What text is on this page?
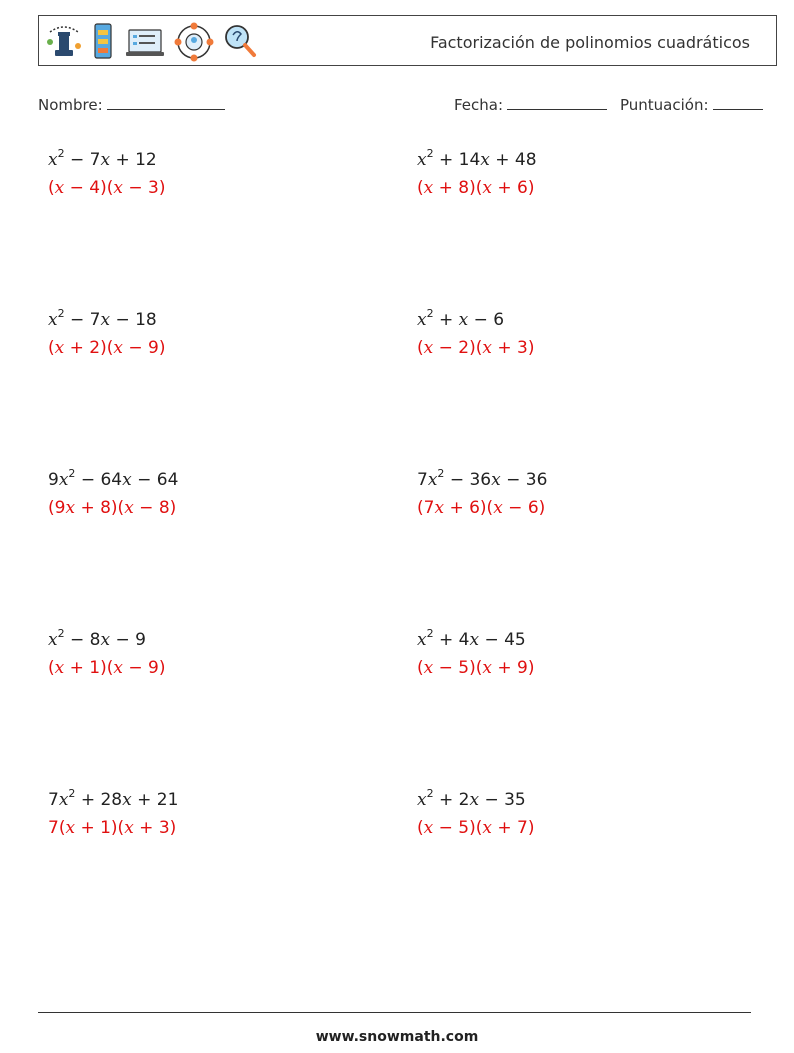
Factorización de polinomios cuadráticos
Nombre:	Fecha:	Puntuación:
$x^2 - 7x + 12$
(x − 4)(x − 3)
$x^2 + 14x + 48$
(x + 8)(x + 6)
$x^2 - 7x - 18$
(x + 2)(x − 9)
$x^2 + x - 6$
(x − 2)(x + 3)
$9x^2 - 64x - 64$
(9x + 8)(x − 8)
$7x^2 - 36x - 36$
(7x + 6)(x − 6)
$x^2 - 8x - 9$
(x + 1)(x − 9)
$x^2 + 4x - 45$
(x − 5)(x + 9)
$7x^2 + 28x + 21$
7(x + 1)(x + 3)
$x^2 + 2x - 35$
(x − 5)(x + 7)
www.snowmath.com
